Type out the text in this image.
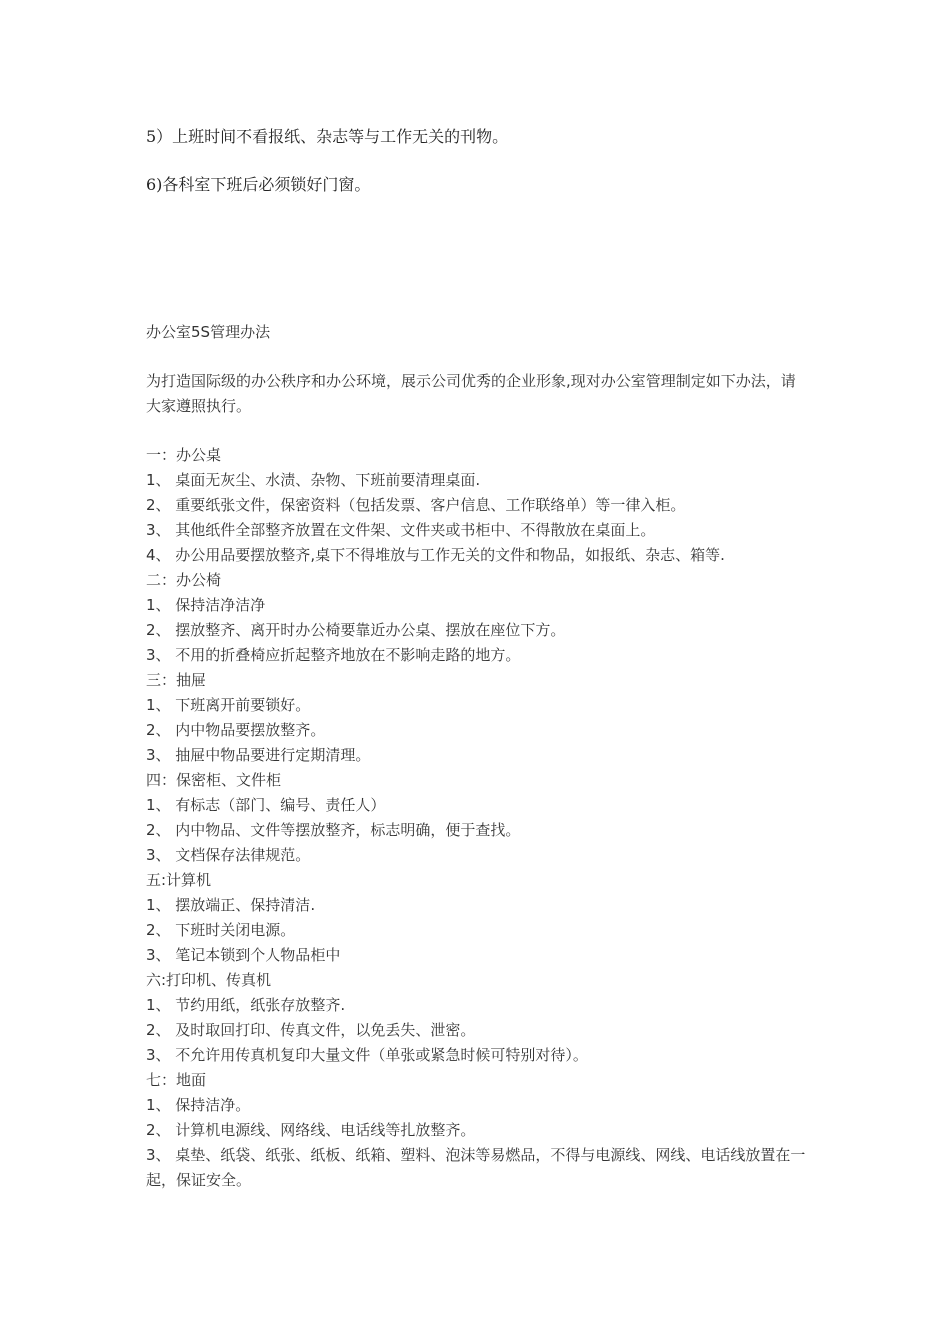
5）上班时间不看报纸、杂志等与工作无关的刊物。
6)各科室下班后必须锁好门窗。
办公室5S管理办法
为打造国际级的办公秩序和办公环境，展示公司优秀的企业形象,现对办公室管理制定如下办法，请大家遵照执行。
一：办公桌
1、 桌面无灰尘、水渍、杂物、下班前要清理桌面.
2、 重要纸张文件，保密资料（包括发票、客户信息、工作联络单）等一律入柜。
3、 其他纸件全部整齐放置在文件架、文件夹或书柜中、不得散放在桌面上。
4、 办公用品要摆放整齐,桌下不得堆放与工作无关的文件和物品，如报纸、杂志、箱等.
二：办公椅
1、 保持洁净洁净
2、 摆放整齐、离开时办公椅要靠近办公桌、摆放在座位下方。
3、 不用的折叠椅应折起整齐地放在不影响走路的地方。
三：抽屉
1、 下班离开前要锁好。
2、 内中物品要摆放整齐。
3、 抽屉中物品要进行定期清理。
四：保密柜、文件柜
1、 有标志（部门、编号、责任人）
2、 内中物品、文件等摆放整齐，标志明确，便于查找。
3、 文档保存法律规范。
五:计算机
1、 摆放端正、保持清洁.
2、 下班时关闭电源。
3、 笔记本锁到个人物品柜中
六:打印机、传真机
1、 节约用纸，纸张存放整齐.
2、 及时取回打印、传真文件，以免丢失、泄密。
3、 不允许用传真机复印大量文件（单张或紧急时候可特别对待）。
七：地面
1、 保持洁净。
2、 计算机电源线、网络线、电话线等扎放整齐。
3、 桌垫、纸袋、纸张、纸板、纸箱、塑料、泡沫等易燃品，不得与电源线、网线、电话线放置在一起，保证安全。
